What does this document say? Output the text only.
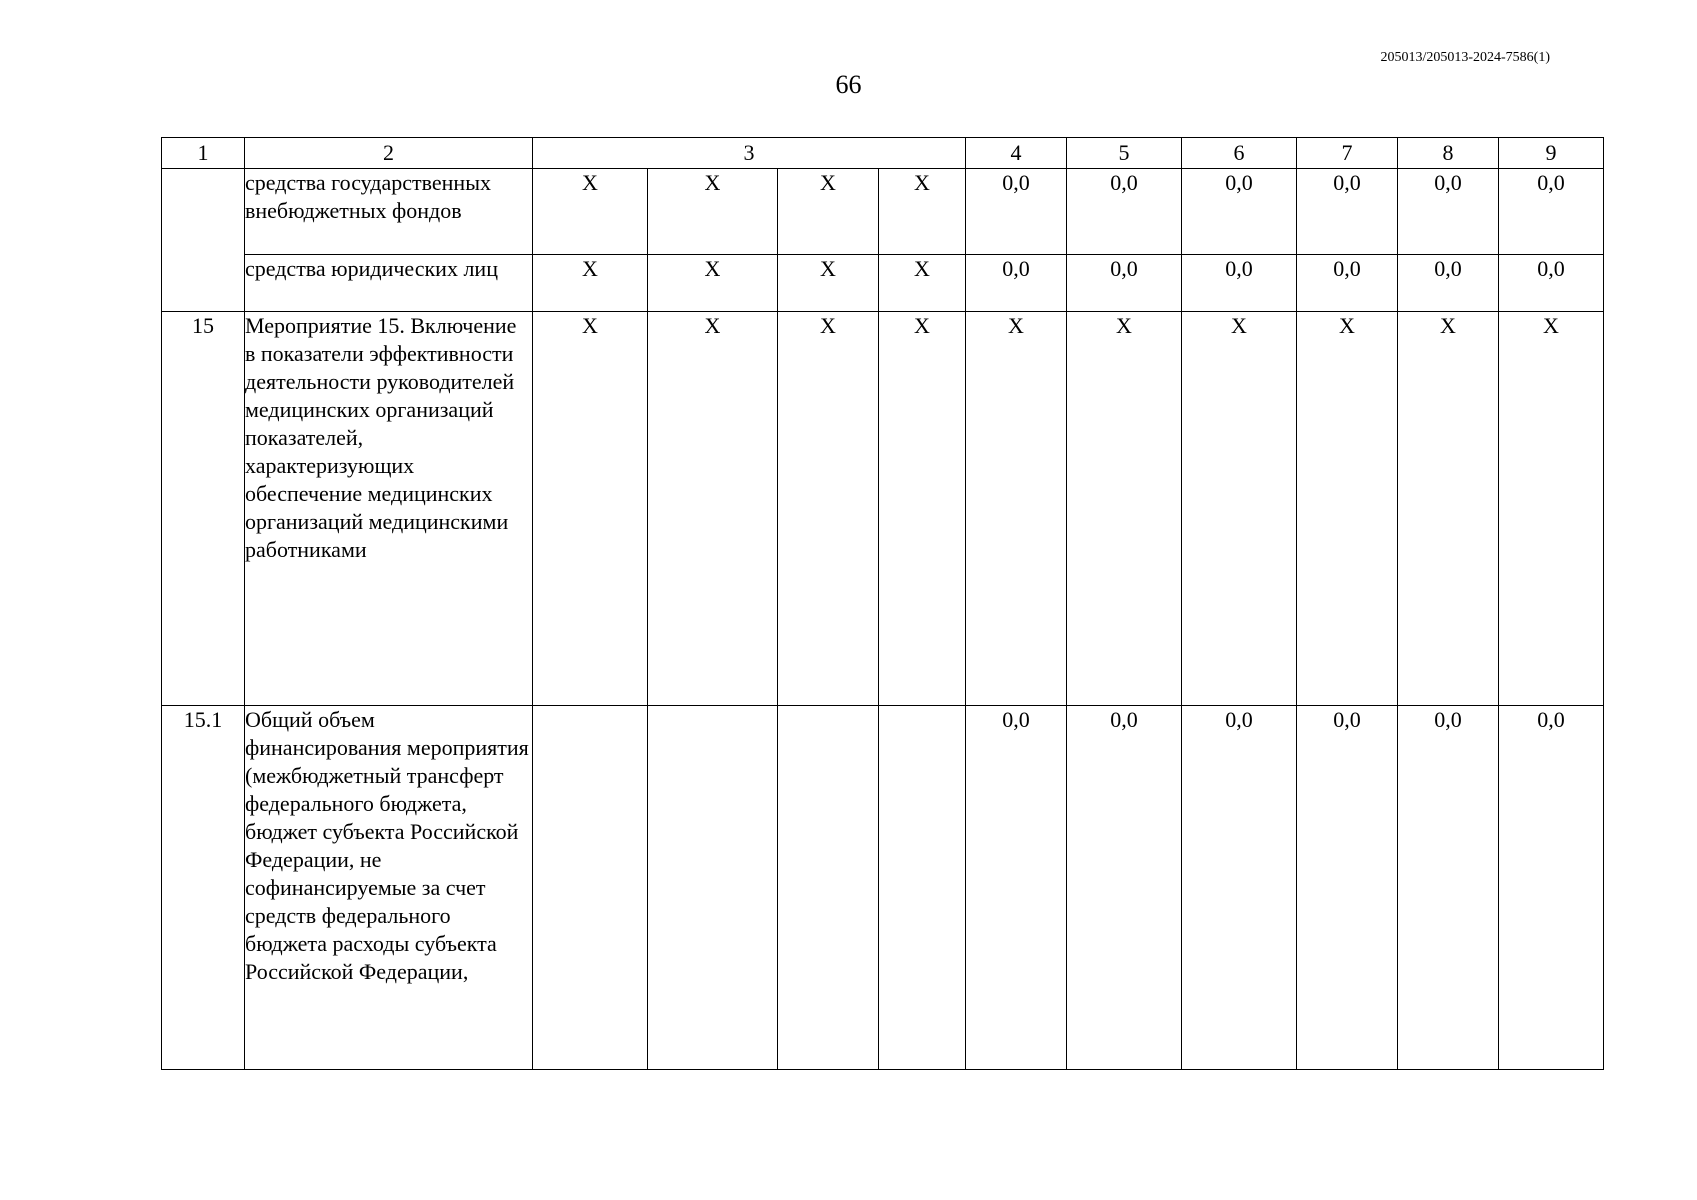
205013/205013-2024-7586(1)
66
1	2	3				4	5	6	7	8	9
	средства государственных внебюджетных фондов	X	X	X	X	0,0	0,0	0,0	0,0	0,0	0,0
	средства юридических лиц	X	X	X	X	0,0	0,0	0,0	0,0	0,0	0,0
15	Мероприятие 15. Включение в показатели эффективности деятельности руководителей медицинских организаций показателей, характеризующих обеспечение медицинских организаций медицинскими работниками	X	X	X	X	X	X	X	X	X	X
15.1	Общий объем финансирования мероприятия (межбюджетный трансферт федерального бюджета, бюджет субъекта Российской Федерации, не софинансируемые за счет средств федерального бюджета расходы субъекта Российской Федерации,					0,0	0,0	0,0	0,0	0,0	0,0
